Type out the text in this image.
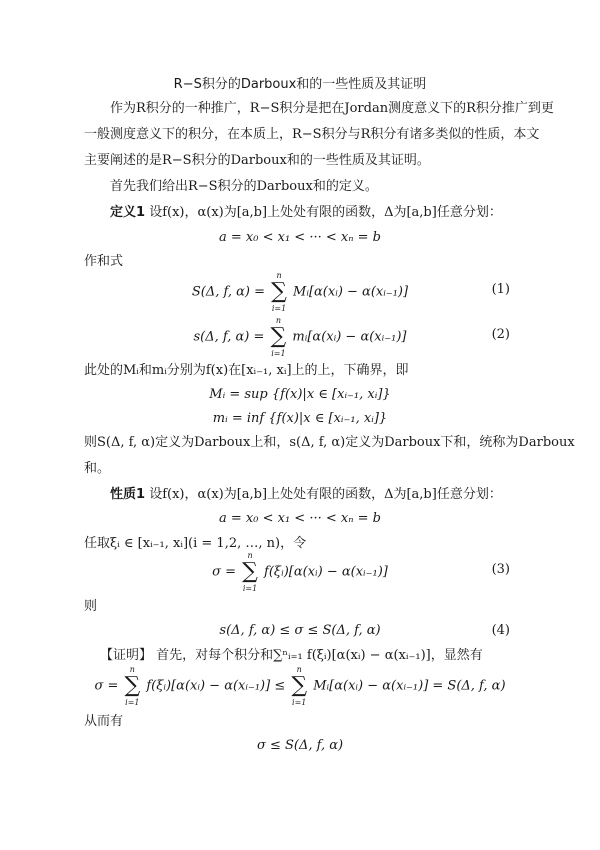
R−S积分的Darboux和的一些性质及其证明
作为R积分的一种推广，R−S积分是把在Jordan测度意义下的R积分推广到更
一般测度意义下的积分，在本质上，R−S积分与R积分有诸多类似的性质，本文
主要阐述的是R−S积分的Darboux和的一些性质及其证明。
首先我们给出R−S积分的Darboux和的定义。
定义1 设f(x)，α(x)为[a,b]上处处有限的函数，Δ为[a,b]任意分划：
a = x₀ < x₁ < ··· < xₙ = b
作和式
S(Δ, f, α) =
n
∑
i=1
Mᵢ[α(xᵢ) − α(xᵢ₋₁)]	(1)
s(Δ, f, α) =
n
∑
i=1
mᵢ[α(xᵢ) − α(xᵢ₋₁)]	(2)
此处的Mᵢ和mᵢ分别为f(x)在[xᵢ₋₁, xᵢ]上的上，下确界，即
Mᵢ = sup {f(x)|x ∈ [xᵢ₋₁, xᵢ]}
mᵢ = inf {f(x)|x ∈ [xᵢ₋₁, xᵢ]}
则S(Δ, f, α)定义为Darboux上和，s(Δ, f, α)定义为Darboux下和，统称为Darboux
和。
性质1 设f(x)，α(x)为[a,b]上处处有限的函数，Δ为[a,b]任意分划：
a = x₀ < x₁ < ··· < xₙ = b
任取ξᵢ ∈ [xᵢ₋₁, xᵢ](i = 1,2, …, n)，令
σ =
n
∑
i=1
f(ξᵢ)[α(xᵢ) − α(xᵢ₋₁)]	(3)
则
s(Δ, f, α) ≤ σ ≤ S(Δ, f, α)	(4)
【证明】 首先，对每个积分和∑ⁿᵢ₌₁ f(ξᵢ)[α(xᵢ) − α(xᵢ₋₁)]，显然有
σ =
n
∑
i=1
f(ξᵢ)[α(xᵢ) − α(xᵢ₋₁)] ≤
n
∑
i=1
Mᵢ[α(xᵢ) − α(xᵢ₋₁)] = S(Δ, f, α)
从而有
σ ≤ S(Δ, f, α)
